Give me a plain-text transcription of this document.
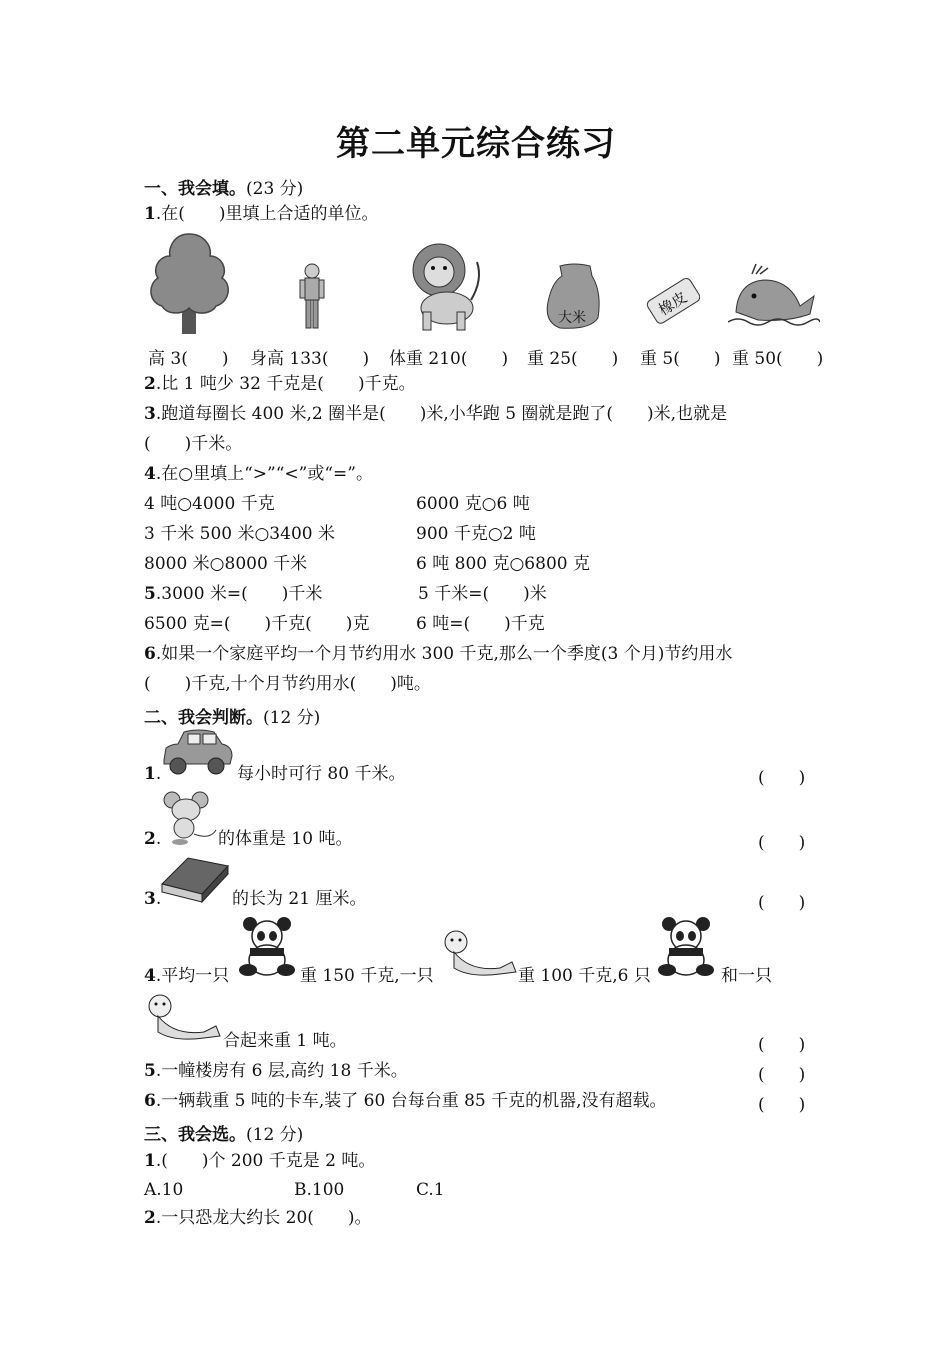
第二单元综合练习
一、我会填。(23 分)
1.在(　　)里填上合适的单位。
大米	橡皮
高 3(　　) 身高 133(　　) 体重 210(　　) 重 25(　　) 重 5(　　) 重 50(　　)
2.比 1 吨少 32 千克是(　　)千克。
3.跑道每圈长 400 米,2 圈半是(　　)米,小华跑 5 圈就是跑了(　　)米,也就是
(　　)千米。
4.在○里填上“>”“<”或“=”。
4 吨○4000 千克	6000 克○6 吨
3 千米 500 米○3400 米	900 千克○2 吨
8000 米○8000 千米	6 吨 800 克○6800 克
5.3000 米=(　　)千米	5 千米=(　　)米
6500 克=(　　)千克(　　)克	6 吨=(　　)千克
6.如果一个家庭平均一个月节约用水 300 千克,那么一个季度(3 个月)节约用水
(　　)千克,十个月节约用水(　　)吨。
二、我会判断。(12 分)
1.	每小时可行 80 千米。	(　　)
2.	的体重是 10 吨。	(　　)
3.	的长为 21 厘米。	(　　)
4.平均一只	重 150 千克,一只	重 100 千克,6 只	和一只
合起来重 1 吨。	(　　)
5.一幢楼房有 6 层,高约 18 千米。	(　　)
6.一辆载重 5 吨的卡车,装了 60 台每台重 85 千克的机器,没有超载。	(　　)
三、我会选。(12 分)
1.(　　)个 200 千克是 2 吨。
A.10	B.100	C.1
2.一只恐龙大约长 20(　　)。
